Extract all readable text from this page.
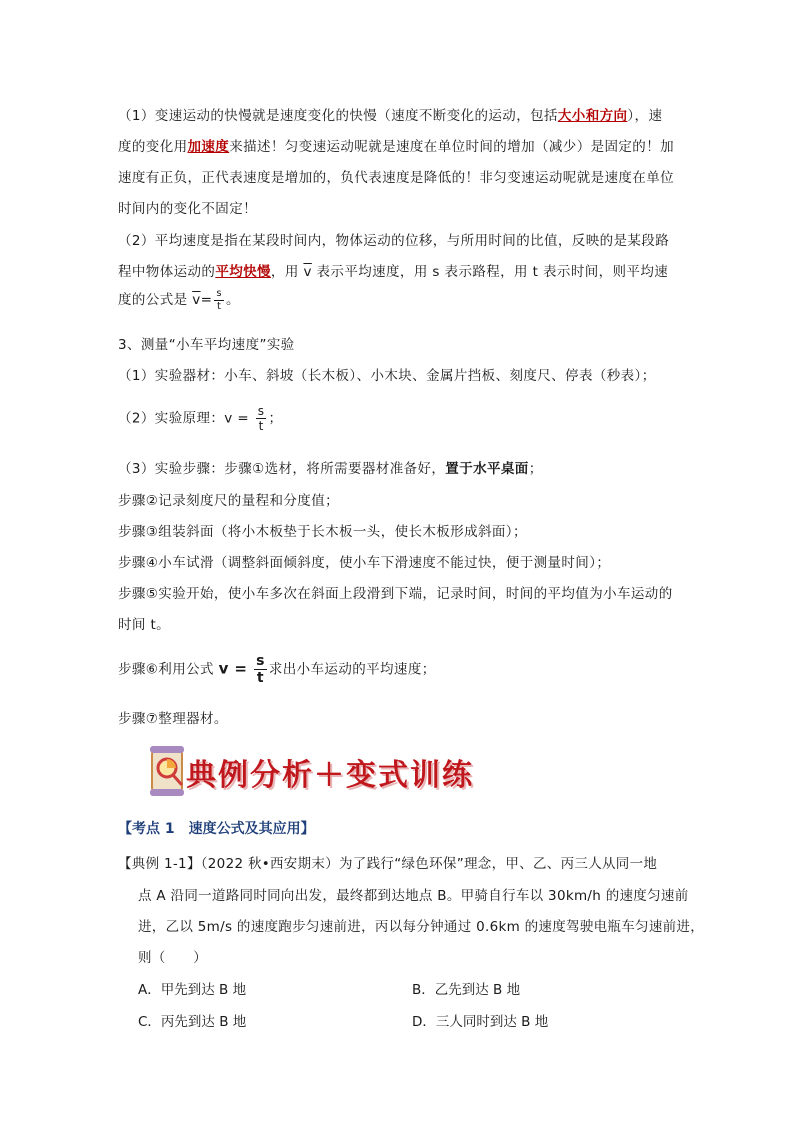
（1）变速运动的快慢就是速度变化的快慢（速度不断变化的运动，包括大小和方向），速
度的变化用加速度来描述！匀变速运动呢就是速度在单位时间的增加（减少）是固定的！加
速度有正负，正代表速度是增加的，负代表速度是降低的！非匀变速运动呢就是速度在单位
时间内的变化不固定！
（2）平均速度是指在某段时间内，物体运动的位移，与所用时间的比值，反映的是某段路
程中物体运动的平均快慢，用 $\overline{v}$ 表示平均速度，用 s 表示路程，用 t 表示时间，则平均速
度的公式是 $\overline{v}= \frac{s}{t}$ 。
3、测量“小车平均速度”实验
（1）实验器材：小车、斜坡（长木板）、小木块、金属片挡板、刻度尺、停表（秒表）；
（2）实验原理：$v = \frac{s}{t}$ ；
（3）实验步骤：步骤①选材，将所需要器材准备好，置于水平桌面；
步骤②记录刻度尺的量程和分度值；
步骤③组装斜面（将小木板垫于长木板一头，使长木板形成斜面）；
步骤④小车试滑（调整斜面倾斜度，使小车下滑速度不能过快，便于测量时间）；
步骤⑤实验开始，使小车多次在斜面上段滑到下端，记录时间，时间的平均值为小车运动的
时间 t。
步骤⑥利用公式 $v = \frac{s}{t}$ 求出小车运动的平均速度；
步骤⑦整理器材。
典例分析＋变式训练
【考点 1　速度公式及其应用】
【典例 1-1】（2022 秋•西安期末）为了践行“绿色环保”理念，甲、乙、丙三人从同一地
点 A 沿同一道路同时同向出发，最终都到达地点 B。甲骑自行车以 30km/h 的速度匀速前
进，乙以 5m/s 的速度跑步匀速前进，丙以每分钟通过 0.6km 的速度驾驶电瓶车匀速前进，
则（　　）
A．甲先到达 B 地	B．乙先到达 B 地
C．丙先到达 B 地	D．三人同时到达 B 地
